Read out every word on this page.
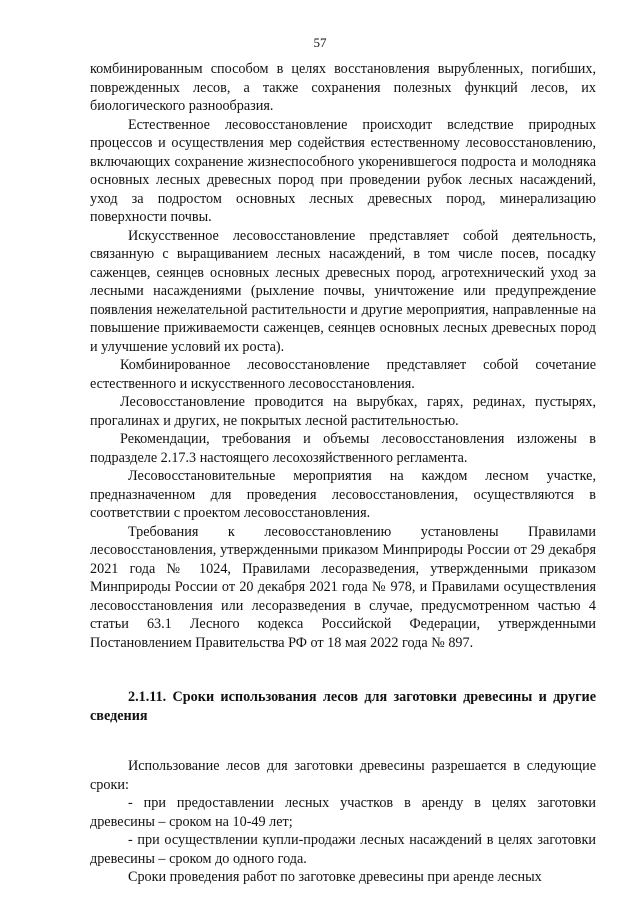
57

комбинированным способом в целях восстановления вырубленных, погибших, поврежденных лесов, а также сохранения полезных функций лесов, их биологического разнообразия.

Естественное лесовосстановление происходит вследствие природных процессов и осуществления мер содействия естественному лесовосстановлению, включающих сохранение жизнеспособного укоренившегося подроста и молодняка основных лесных древесных пород при проведении рубок лесных насаждений, уход за подростом основных лесных древесных пород, минерализацию поверхности почвы.

Искусственное лесовосстановление представляет собой деятельность, связанную с выращиванием лесных насаждений, в том числе посев, посадку саженцев, сеянцев основных лесных древесных пород, агротехнический уход за лесными насаждениями (рыхление почвы, уничтожение или предупреждение появления нежелательной растительности и другие мероприятия, направленные на повышение приживаемости саженцев, сеянцев основных лесных древесных пород и улучшение условий их роста).

Комбинированное лесовосстановление представляет собой сочетание естественного и искусственного лесовосстановления.

Лесовосстановление проводится на вырубках, гарях, рединах, пустырях, прогалинах и других, не покрытых лесной растительностью.

Рекомендации, требования и объемы лесовосстановления изложены в подразделе 2.17.3 настоящего лесохозяйственного регламента.

Лесовосстановительные мероприятия на каждом лесном участке, предназначенном для проведения лесовосстановления, осуществляются в соответствии с проектом лесовосстановления.

Требования к лесовосстановлению установлены Правилами лесовосстановления, утвержденными приказом Минприроды России от 29 декабря 2021 года № 1024, Правилами лесоразведения, утвержденными приказом Минприроды России от 20 декабря 2021 года № 978, и Правилами осуществления лесовосстановления или лесоразведения в случае, предусмотренном частью 4 статьи 63.1 Лесного кодекса Российской Федерации, утвержденными Постановлением Правительства РФ от 18 мая 2022 года № 897.

2.1.11. Сроки использования лесов для заготовки древесины и другие сведения

Использование лесов для заготовки древесины разрешается в следующие сроки:

- при предоставлении лесных участков в аренду в целях заготовки древесины – сроком на 10-49 лет;

- при осуществлении купли-продажи лесных насаждений в целях заготовки древесины – сроком до одного года.

Сроки проведения работ по заготовке древесины при аренде лесных
